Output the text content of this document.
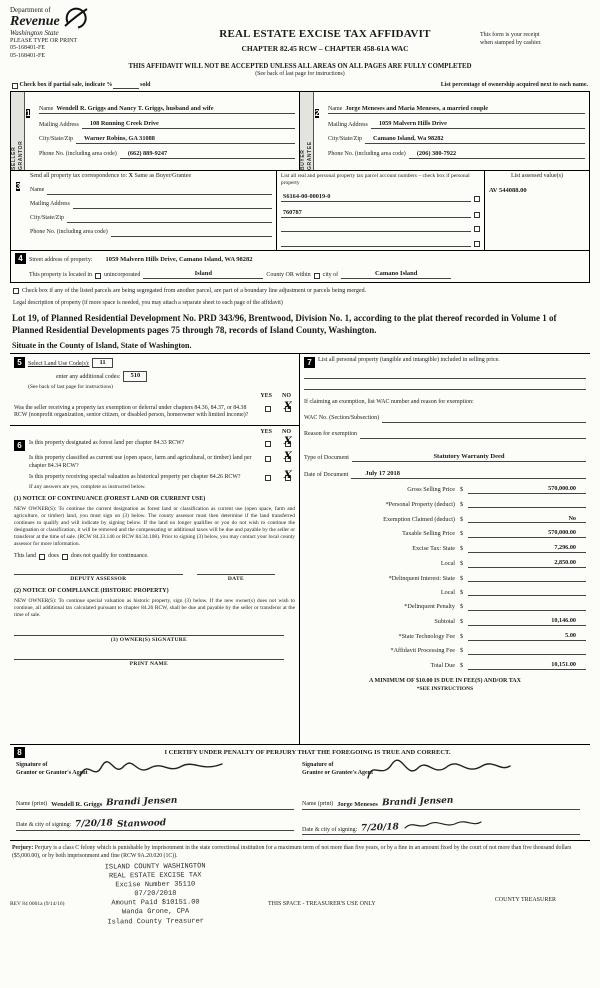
Department of
Revenue
Washington State
PLEASE TYPE OR PRINT
05-168401-FE
05-168401-FE
REAL ESTATE EXCISE TAX AFFIDAVIT
CHAPTER 82.45 RCW – CHAPTER 458-61A WAC
This form is your receipt
when stamped by cashier.
THIS AFFIDAVIT WILL NOT BE ACCEPTED UNLESS ALL AREAS ON ALL PAGES ARE FULLY COMPLETED
(See back of last page for instructions)

Check box if partial sale, indicate %
	sold	List percentage of ownership acquired next to each name.
SELLER GRANTOR
1
Name Wendell R. Griggs and Nancy T. Griggs, husband and wife
Mailing Address	108 Running Creek Drive
City/State/Zip	Warner Robins, GA 31088
Phone No. (including area code)	(662) 889-9247	BUYER GRANTEE
2
Name Jorge Meneses and Maria Meneses, a married couple
Mailing Address	1059 Malvern Hills Drive
City/State/Zip	Camano Island, Wa 98282
Phone No. (including area code)	(206) 380-7922
3
Send all property tax correspondence to: X Same as Buyer/Grantee
Name
Mailing Address
City/State/Zip
Phone No. (including area code)
List all real and personal property tax parcel account numbers – check box if personal property
S6164-00-00019-0
760787
List assessed value(s)
AV 544088.00
4	Street address of property:	1059 Malvern Hills Drive, Camano Island, WA 98282
This property is located in unincorporated	Island	County OR within city of	Camano Island
Check box if any of the listed parcels are being segregated from another parcel, are part of a boundary line adjustment or parcels being merged.
Legal description of property (if more space is needed, you may attach a separate sheet to each page of the affidavit)
Lot 19, of Planned Residential Development No. PRD 343/96, Brentwood, Division No. 1, according to the plat thereof recorded in Volume 1 of Planned Residential Developments pages 75 through 78, records of Island County, Washington.
Situate in the County of Island, State of Washington.
5	Select Land Use Code(s):	11
enter any additional codes:	510
(See back of last page for instructions)
YES NO
Was the seller receiving a property tax exemption or deferral under chapters 84.36, 84.37, or 84.38 RCW (nonprofit organization, senior citizen, or disabled person, homeowner with limited income)?
X
YES NO
6	Is this property designated as forest land per chapter 84.33 RCW?	X
Is this property classified as current use (open space, farm and agricultural, or timber) land per chapter 84.34 RCW?
X
Is this property receiving special valuation as historical property per chapter 84.26 RCW?	X
If any answers are yes, complete as instructed below.
(1) NOTICE OF CONTINUANCE (FOREST LAND OR CURRENT USE)
NEW OWNER(S): To continue the current designation as forest land or classification as current use (open space, farm and agriculture, or timber) land, you must sign on (3) below. The county assessor must then determine if the land transferred continues to qualify and will indicate by signing below. If the land no longer qualifies or you do not wish to continue the designation or classification, it will be removed and the compensating or additional taxes will be due and payable by the seller or transferor at the time of sale. (RCW 84.33.140 or RCW 84.34.108). Prior to signing (3) below, you may contact your local county assessor for more information.
This land does does not qualify for continuance.
DEPUTY ASSESSOR	DATE
(2) NOTICE OF COMPLIANCE (HISTORIC PROPERTY)
NEW OWNER(S): To continue special valuation as historic property, sign (3) below. If the new owner(s) does not wish to continue, all additional tax calculated pursuant to chapter 84.26 RCW, shall be due and payable by the seller or transferor at the time of sale.
(3) OWNER(S) SIGNATURE
PRINT NAME
7	List all personal property (tangible and intangible) included in selling price.
If claiming an exemption, list WAC number and reason for exemption:
WAC No. (Section/Subsection)
Reason for exemption
Type of Document	Statutory Warranty Deed
Date of Document	July 17 2018
Gross Selling Price $	570,000.00
*Personal Property (deduct) $
Exemption Claimed (deduct) $	No
Taxable Selling Price $	570,000.00
Excise Tax: State $	7,296.00
Local $	2,850.00
*Delinquent Interest: State $
Local $
*Delinquent Penalty $
Subtotal $	10,146.00
*State Technology Fee $	5.00
*Affidavit Processing Fee $
Total Due $	10,151.00
A MINIMUM OF $10.00 IS DUE IN FEE(S) AND/OR TAX
*SEE INSTRUCTIONS
8	I CERTIFY UNDER PENALTY OF PERJURY THAT THE FOREGOING IS TRUE AND CORRECT.
Signature of
Grantor or Grantor's Agent
Name (print) Wendell R. Griggs Brandi Jensen
Date & city of signing: 7/20/18 Stanwood
Signature of
Grantee or Grantee's Agent
Name (print) Jorge Meneses Brandi Jensen
Date & city of signing: 7/20/18
Perjury: Perjury is a class C felony which is punishable by imprisonment in the state correctional institution for a maximum term of not more than five years, or by a fine in an amount fixed by the court of not more than five thousand dollars ($5,000.00), or by both imprisonment and fine (RCW 9A.20.020 (1C)).
ISLAND COUNTY WASHINGTON
REAL ESTATE EXCISE TAX
Excise Number 35110
07/20/2018
Amount Paid $10151.00
Wanda Grone, CPA
Island County Treasurer
REV 84 0001a (9/14/16)	THIS SPACE - TREASURER'S USE ONLY
COUNTY TREASURER
